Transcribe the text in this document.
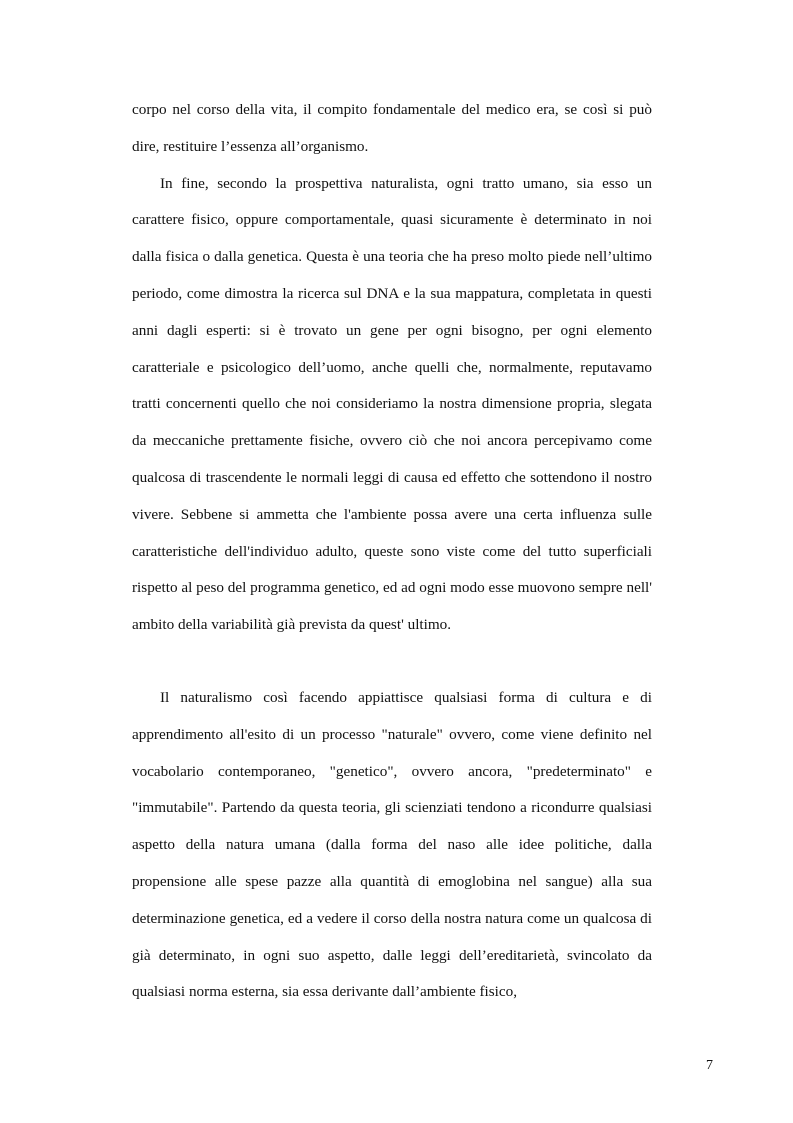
corpo nel corso della vita, il compito fondamentale del medico era, se così si può dire, restituire l’essenza all’organismo.

In fine, secondo la prospettiva naturalista, ogni tratto umano, sia esso un carattere fisico, oppure comportamentale, quasi sicuramente è determinato in noi dalla fisica o dalla genetica. Questa è una teoria che ha preso molto piede nell’ultimo periodo, come dimostra la ricerca sul DNA e la sua mappatura, completata in questi anni dagli esperti: si è trovato un gene per ogni bisogno, per ogni elemento caratteriale e psicologico dell’uomo, anche quelli che, normalmente, reputavamo tratti concernenti quello che noi consideriamo la nostra dimensione propria, slegata da meccaniche prettamente fisiche, ovvero ciò che noi ancora percepivamo come qualcosa di trascendente le normali leggi di causa ed effetto che sottendono il nostro vivere. Sebbene si ammetta che l'ambiente possa avere una certa influenza sulle caratteristiche dell'individuo adulto, queste sono viste come del tutto superficiali rispetto al peso del programma genetico, ed ad ogni modo esse muovono sempre nell' ambito della variabilità già prevista da quest' ultimo.

Il naturalismo così facendo appiattisce qualsiasi forma di cultura e di apprendimento all'esito di un processo "naturale" ovvero, come viene definito nel vocabolario contemporaneo, "genetico", ovvero ancora, "predeterminato" e "immutabile". Partendo da questa teoria, gli scienziati tendono a ricondurre qualsiasi aspetto della natura umana (dalla forma del naso alle idee politiche, dalla propensione alle spese pazze alla quantità di emoglobina nel sangue) alla sua determinazione genetica, ed a vedere il corso della nostra natura come un qualcosa di già determinato, in ogni suo aspetto, dalle leggi dell’ereditarietà, svincolato da qualsiasi norma esterna, sia essa derivante dall’ambiente fisico,

7
